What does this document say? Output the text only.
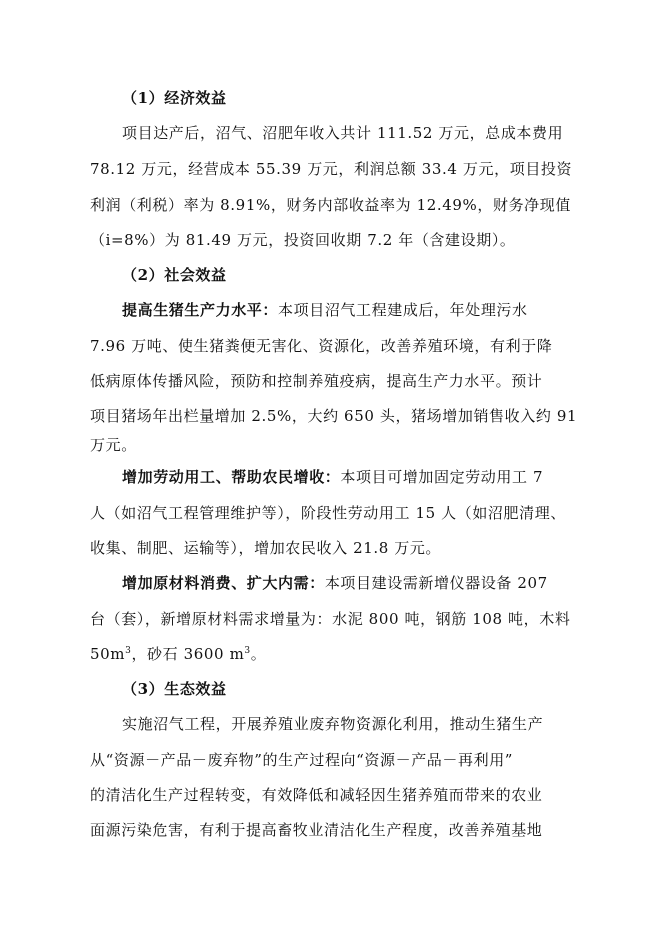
（1）经济效益
项目达产后，沼气、沼肥年收入共计 111.52 万元，总成本费用
78.12 万元，经营成本 55.39 万元，利润总额 33.4 万元，项目投资
利润（利税）率为 8.91%，财务内部收益率为 12.49%，财务净现值
（i=8%）为 81.49 万元，投资回收期 7.2 年（含建设期）。
（2）社会效益
提高生猪生产力水平：本项目沼气工程建成后，年处理污水
7.96 万吨、使生猪粪便无害化、资源化，改善养殖环境，有利于降
低病原体传播风险，预防和控制养殖疫病，提高生产力水平。预计
项目猪场年出栏量增加 2.5%，大约 650 头，猪场增加销售收入约 91
万元。
增加劳动用工、帮助农民增收：本项目可增加固定劳动用工 7
人（如沼气工程管理维护等），阶段性劳动用工 15 人（如沼肥清理、
收集、制肥、运输等），增加农民收入 21.8 万元。
增加原材料消费、扩大内需：本项目建设需新增仪器设备 207
台（套），新增原材料需求增量为：水泥 800 吨，钢筋 108 吨，木料
$50m^3$，砂石 3600 $m^3$。
（3）生态效益
实施沼气工程，开展养殖业废弃物资源化利用，推动生猪生产
从“资源－产品－废弃物”的生产过程向“资源－产品－再利用”
的清洁化生产过程转变，有效降低和减轻因生猪养殖而带来的农业
面源污染危害，有利于提高畜牧业清洁化生产程度，改善养殖基地
